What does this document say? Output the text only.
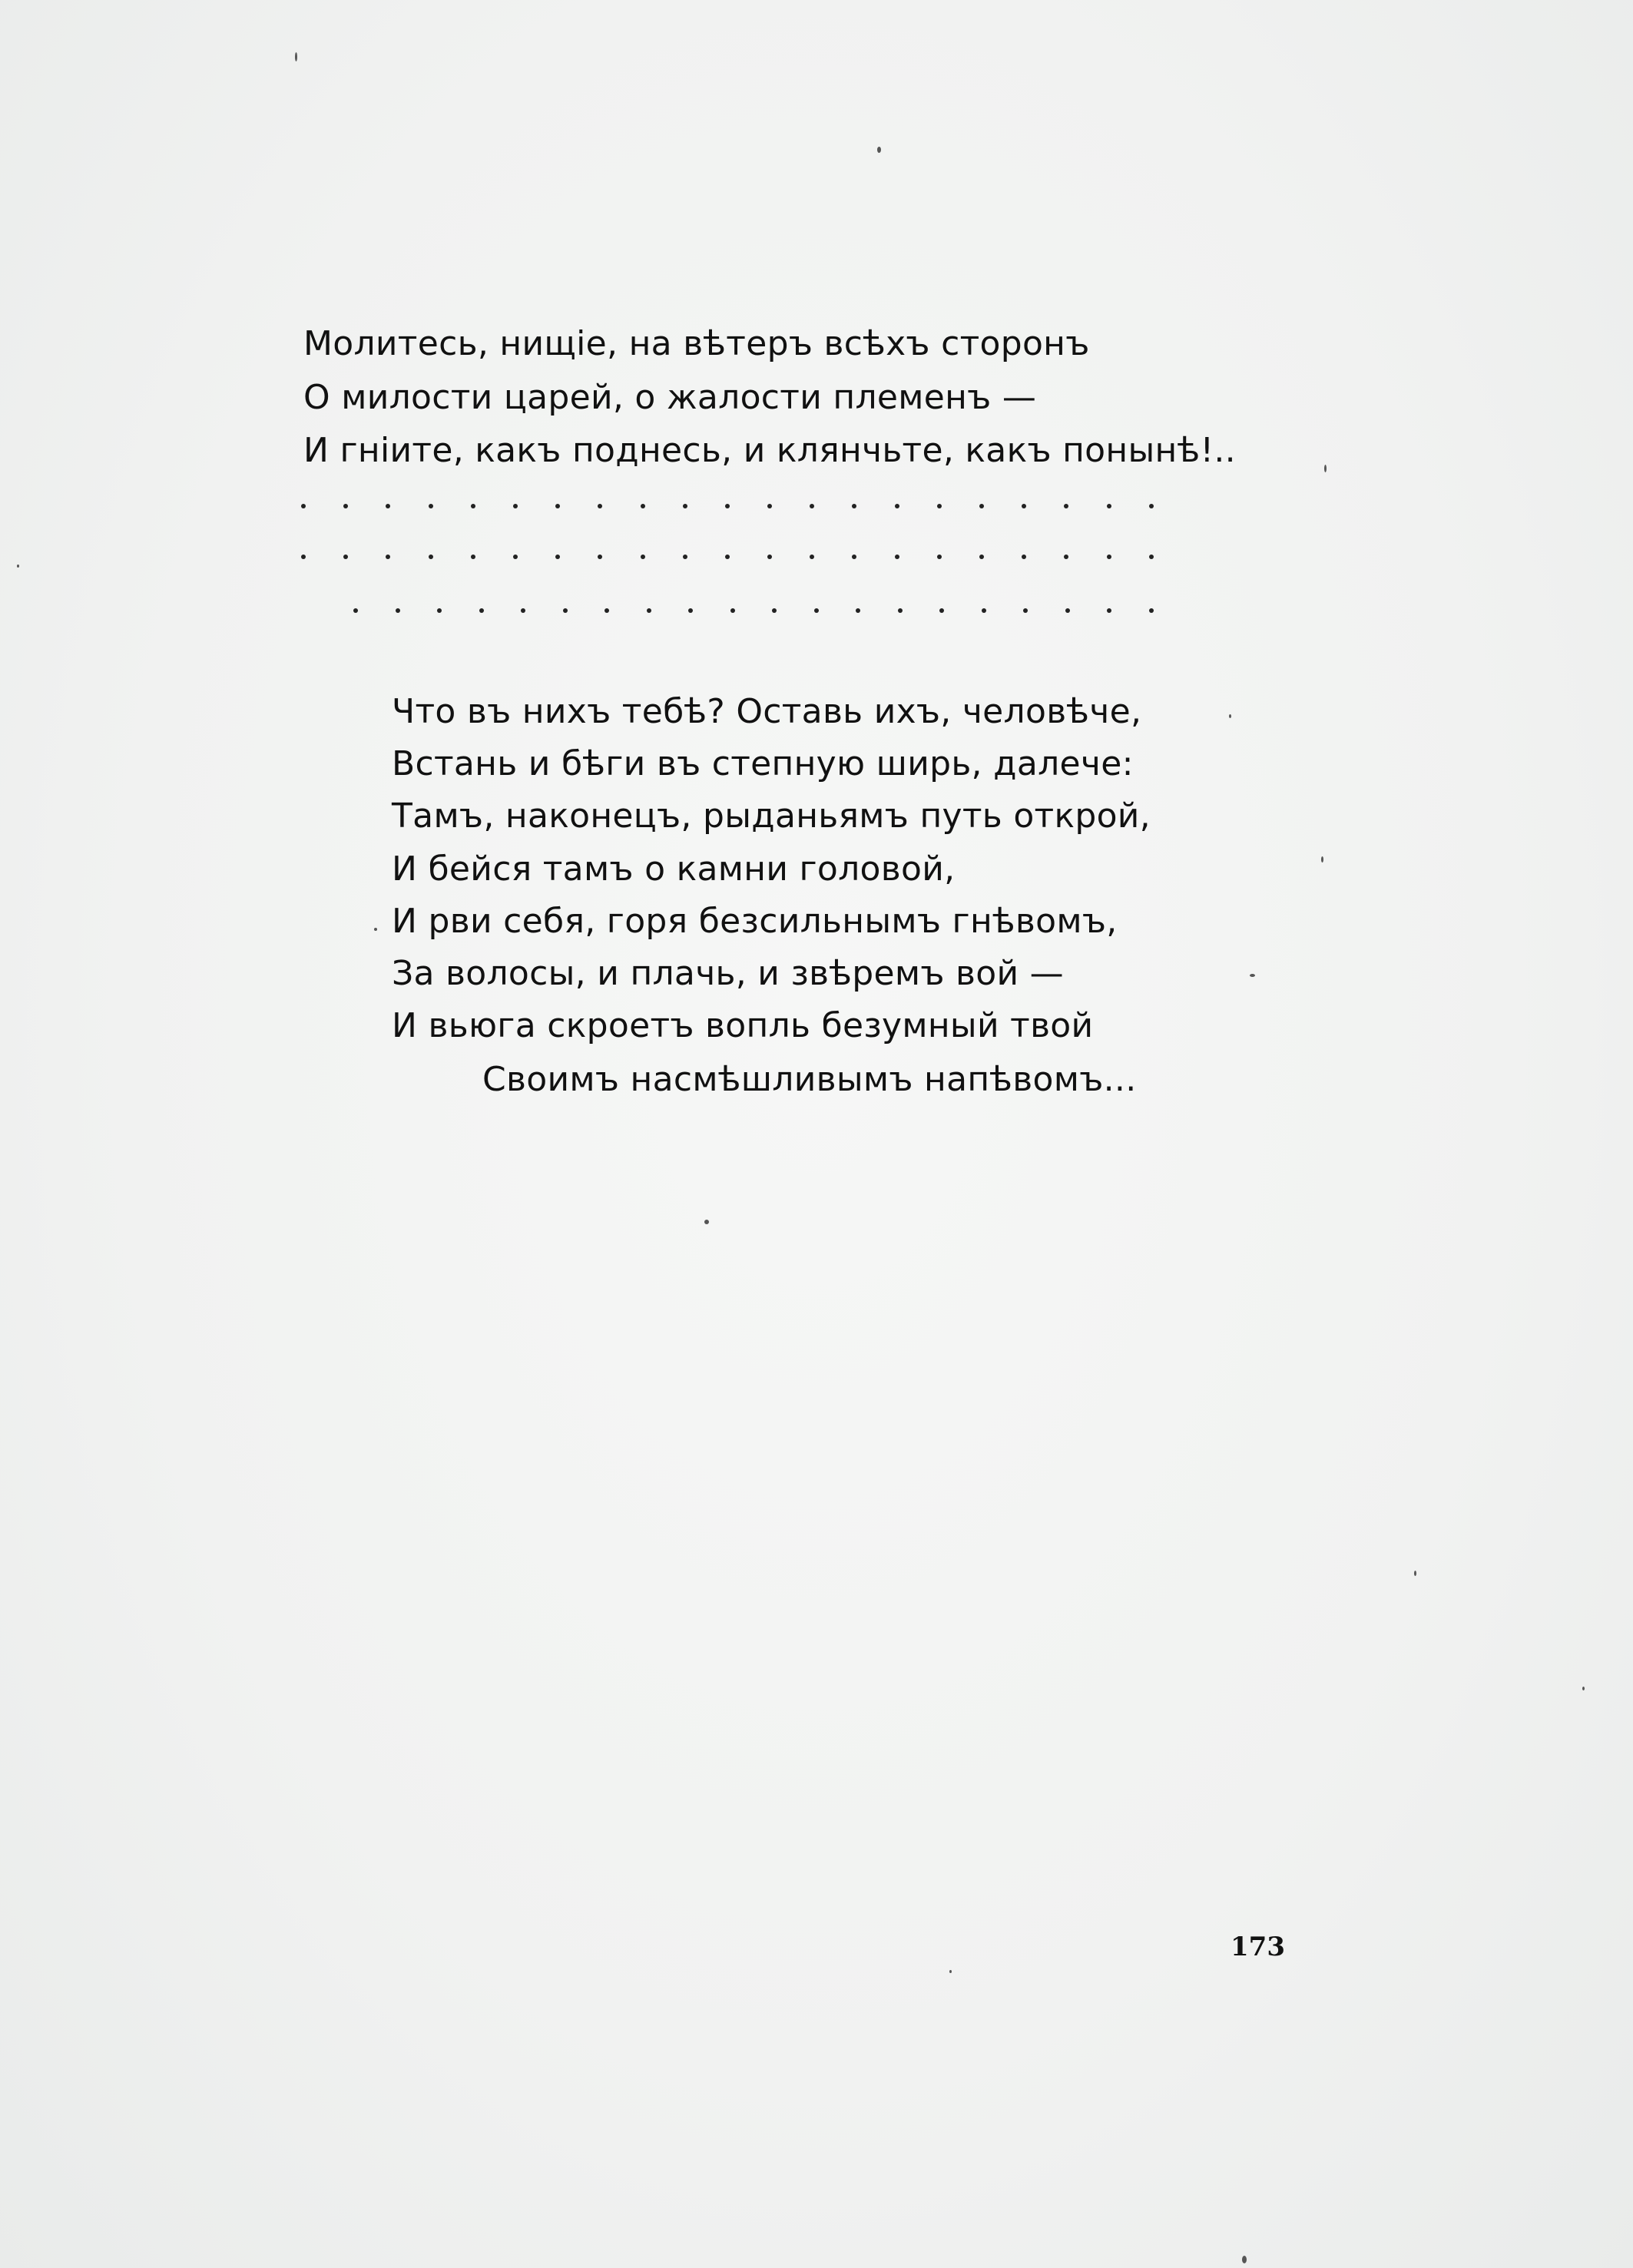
Молитесь, нищіе, на вѣтеръ всѣхъ сторонъ
О милости царей, о жалости племенъ —
И гніите, какъ поднесь, и клянчьте, какъ понынѣ!..
Что въ нихъ тебѣ? Оставь ихъ, человѣче,
Встань и бѣги въ степную ширь, далече:
Тамъ, наконецъ, рыданьямъ путь открой,
И бейся тамъ о камни головой,
И рви себя, горя безсильнымъ гнѣвомъ,
За волосы, и плачь, и звѣремъ вой —
И вьюга скроетъ вопль безумный твой
Своимъ насмѣшливымъ напѣвомъ...
173
